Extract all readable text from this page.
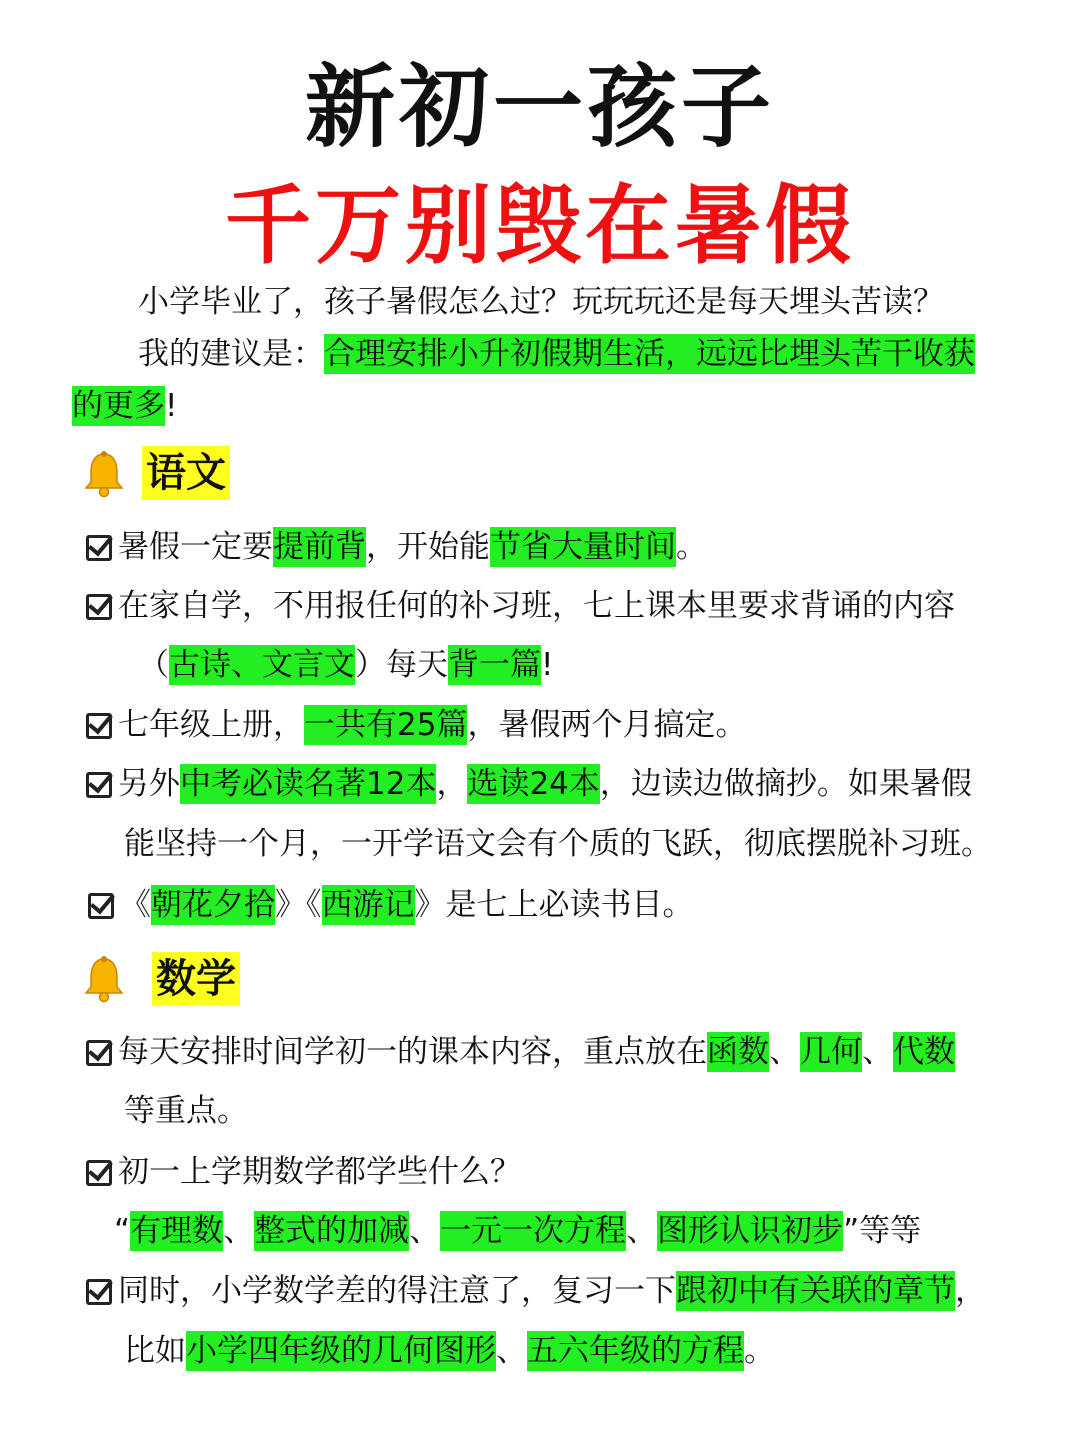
新初一孩子
千万别毁在暑假
小学毕业了，孩子暑假怎么过？玩玩玩还是每天埋头苦读？
我的建议是：合理安排小升初假期生活，远远比埋头苦干收获
的更多!
语文
暑假一定要提前背，开始能节省大量时间。
在家自学，不用报任何的补习班，七上课本里要求背诵的内容
（古诗、文言文）每天背一篇!
七年级上册，一共有25篇，暑假两个月搞定。
另外中考必读名著12本，选读24本，边读边做摘抄。如果暑假
能坚持一个月，一开学语文会有个质的飞跃，彻底摆脱补习班。
《朝花夕拾》《西游记》是七上必读书目。
数学
每天安排时间学初一的课本内容，重点放在函数、几何、代数
等重点。
初一上学期数学都学些什么？
“有理数、整式的加减、一元一次方程、图形认识初步”等等
同时，小学数学差的得注意了，复习一下跟初中有关联的章节，
比如小学四年级的几何图形、五六年级的方程。
